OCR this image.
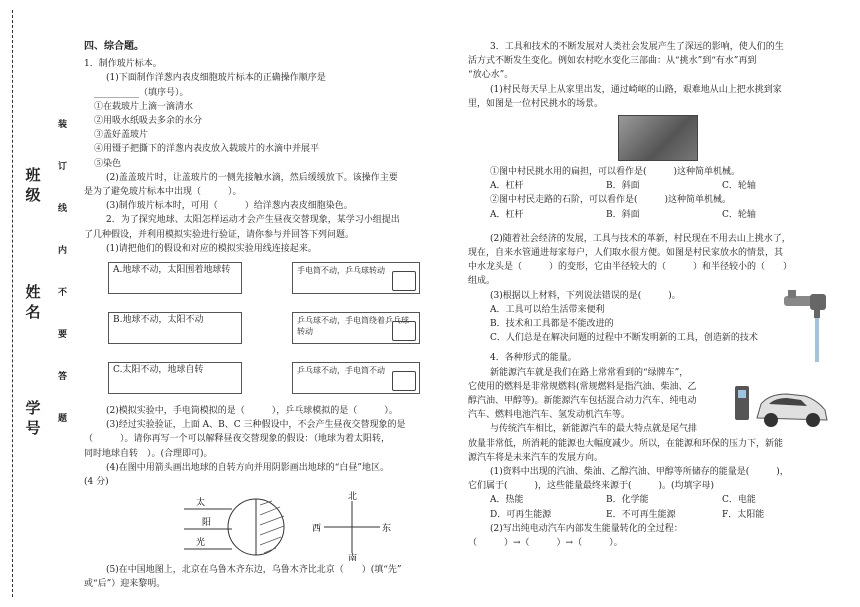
装
订
线
内
不
要
答
题
班
级
姓
名
学
号
四、综合题。
1．制作玻片标本。
(1)下面制作洋葱内表皮细胞玻片标本的正确操作顺序是
__________（填序号）。
①在载玻片上滴一滴清水
②用吸水纸吸去多余的水分
③盖好盖玻片
④用镊子把撕下的洋葱内表皮放入载玻片的水滴中并展平
⑤染色
(2)盖盖玻片时，让盖玻片的一侧先接触水滴，然后缓缓放下。该操作主要
是为了避免玻片标本中出现（　　　）。
(3)制作玻片标本时，可用（　　　）给洋葱内表皮细胞染色。
2．为了探究地球、太阳怎样运动才会产生昼夜交替现象，某学习小组提出
了几种假设，并利用模拟实验进行验证，请你参与并回答下列问题。
(1)请把他们的假设和对应的模拟实验用线连接起来。
A.地球不动，太阳围着地球转
B.地球不动，太阳不动
C.太阳不动，地球自转
手电筒不动，乒乓球转动
乒乓球不动，手电筒绕着乒乓球转动
乒乓球不动，手电筒不动
(2)模拟实验中，手电筒模拟的是（　　　），乒乓球模拟的是（　　　）。
(3)经过实验验证，上面 A、B、C 三种假设中，不会产生昼夜交替现象的是
（　　　）。请你再写一个可以解释昼夜交替现象的假设：（地球为着太阳转，
同时地球自转　）。(合理即可)。
(4)在图中用箭头画出地球的自转方向并用阴影画出地球的“白昼”地区。
(4 分)
太
阳
光
北
南
东
西
(5)在中国地图上，北京在乌鲁木齐东边，乌鲁木齐比北京（　　）(填“先”
或“后”）迎来黎明。
3．工具和技术的不断发展对人类社会发展产生了深远的影响，使人们的生
活方式不断发生变化。例如农村吃水变化三部曲：从“挑水”到“有水”再到
“放心水”。
(1)村民每天早上从家里出发，通过崎岖的山路，艰难地从山上把水挑到家
里，如图是一位村民挑水的场景。
①图中村民挑水用的扁担，可以看作是(　　　)这种简单机械。
A．杠杆	B．斜面	C．轮轴
②图中村民走路的石阶，可以看作是(　　　)这种简单机械。
A．杠杆	B．斜面	C．轮轴
(2)随着社会经济的发展，工具与技术的革新，村民现在不用去山上挑水了，
现在，自来水管通进每家每户，人们取水很方便。如图是村民家放水的情景，其
中水龙头是（　　　）的变形，它由半径较大的（　　　）和半径较小的（　　）
组成。
(3)根据以上材料，下列说法错误的是(　　　)。
A．工具可以给生活带来便利
B．技术和工具都是不能改进的
C．人们总是在解决问题的过程中不断发明新的工具，创造新的技术
4．各种形式的能量。
新能源汽车就是我们在路上常常看到的“绿牌车”，
它使用的燃料是非常规燃料(常规燃料是指汽油、柴油、乙
醇汽油、甲醇等)。新能源汽车包括混合动力汽车、纯电动
汽车、燃料电池汽车、氢发动机汽车等。
与传统汽车相比，新能源汽车的最大特点就是尾气排
放量非常低，所消耗的能源也大幅度减少。所以，在能源和环保的压力下，新能
源汽车将是未来汽车的发展方向。
(1)资料中出现的汽油、柴油、乙醇汽油、甲醇等所储存的能量是(　　　)，
它们属于(　　　)，这些能量最终来源于(　　　)。(均填字母)
A．热能	B．化学能	C．电能
D．可再生能源	E．不可再生能源	F．太阳能
(2)写出纯电动汽车内部发生能量转化的全过程：
（　　　）→（　　　）→（　　　）。
